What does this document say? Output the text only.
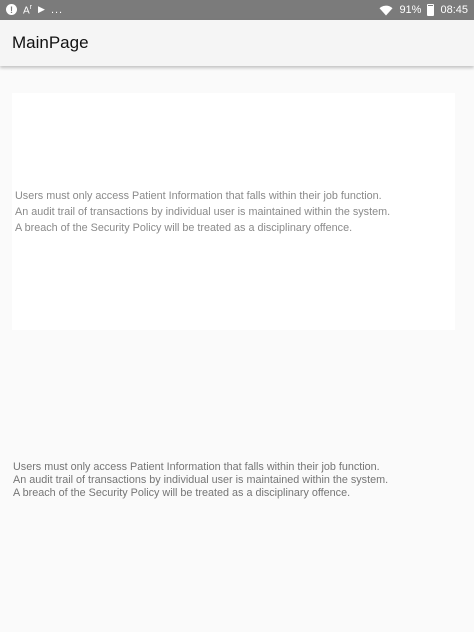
!	$A^r$ ▶ ...	91% 08:45
MainPage
Users must only access Patient Information that falls within their job function.
An audit trail of transactions by individual user is maintained within the system.
A breach of the Security Policy will be treated as a disciplinary offence.
Users must only access Patient Information that falls within their job function.
An audit trail of transactions by individual user is maintained within the system.
A breach of the Security Policy will be treated as a disciplinary offence.
